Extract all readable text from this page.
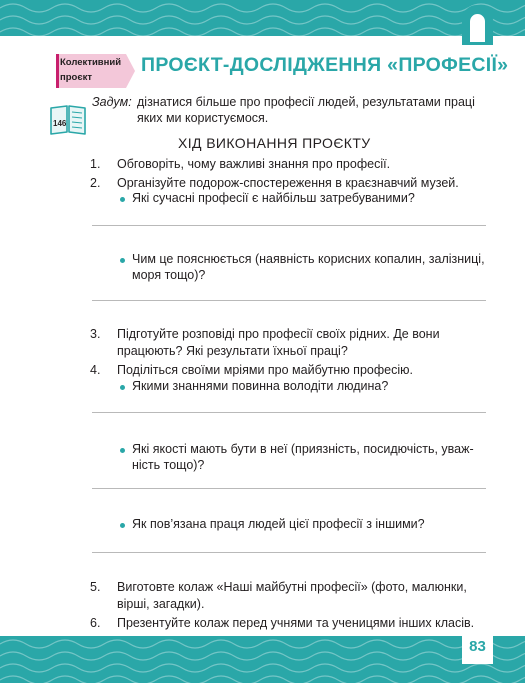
Колективний
проєкт
ПРОЄКТ-ДОСЛІДЖЕННЯ «ПРОФЕСІЇ»
146
Задум: дізнатися більше про професії людей, результатами праці
яких ми користуємося.
ХІД ВИКОНАННЯ ПРОЄКТУ
1. Обговоріть, чому важливі знання про професії.
2. Організуйте подорож-спостереження в краєзнавчий музей.
Які сучасні професії є найбільш затребуваними?
Чим це пояснюється (наявність корисних копалин, залізниці,
моря тощо)?
3. Підготуйте розповіді про професії своїх рідних. Де вони
працюють? Які результати їхньої праці?
4. Поділіться своїми мріями про майбутню професію.
Якими знаннями повинна володіти людина?
Які якості мають бути в неї (приязність, посидючість, уваж-
ність тощо)?
Як пов’язана праця людей цієї професії з іншими?
5. Виготовте колаж «Наші майбутні професії» (фото, малюнки,
вірші, загадки).
6. Презентуйте колаж перед учнями та ученицями інших класів.
83
